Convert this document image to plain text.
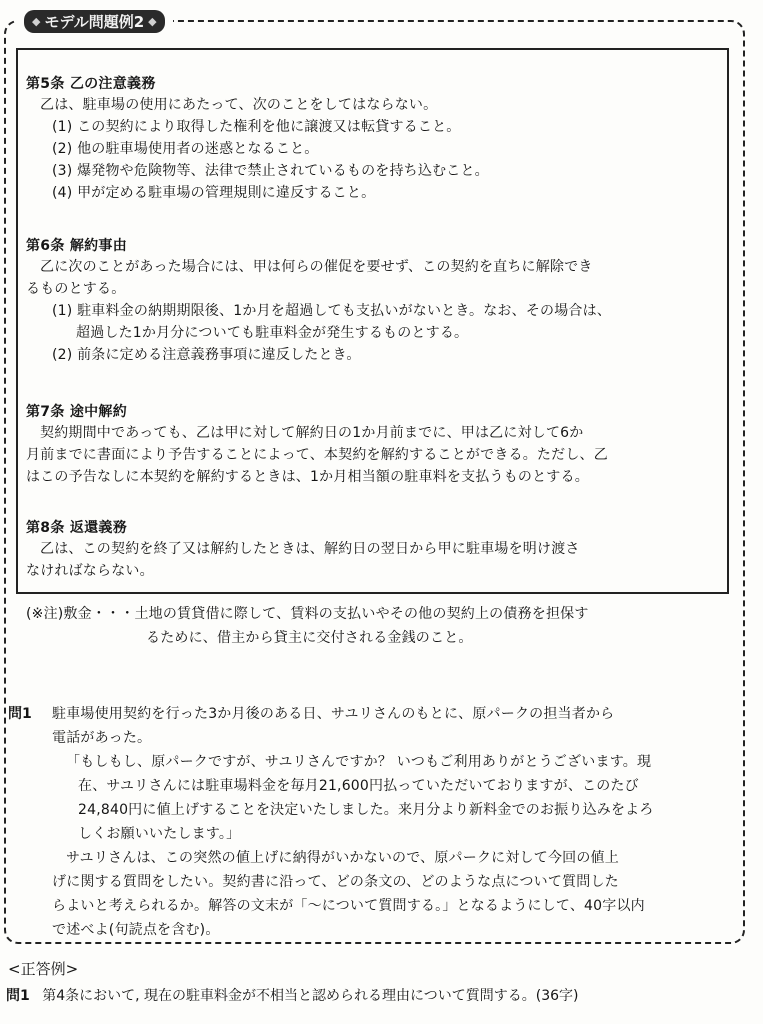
◆ モデル問題例2 ◆
第5条 乙の注意義務
乙は、駐車場の使用にあたって、次のことをしてはならない。
(1) この契約により取得した権利を他に譲渡又は転貸すること。
(2) 他の駐車場使用者の迷惑となること。
(3) 爆発物や危険物等、法律で禁止されているものを持ち込むこと。
(4) 甲が定める駐車場の管理規則に違反すること。
第6条 解約事由
乙に次のことがあった場合には、甲は何らの催促を要せず、この契約を直ちに解除でき
るものとする。
(1) 駐車料金の納期期限後、1か月を超過しても支払いがないとき。なお、その場合は、
超過した1か月分についても駐車料金が発生するものとする。
(2) 前条に定める注意義務事項に違反したとき。
第7条 途中解約
契約期間中であっても、乙は甲に対して解約日の1か月前までに、甲は乙に対して6か
月前までに書面により予告することによって、本契約を解約することができる。ただし、乙
はこの予告なしに本契約を解約するときは、1か月相当額の駐車料を支払うものとする。
第8条 返還義務
乙は、この契約を終了又は解約したときは、解約日の翌日から甲に駐車場を明け渡さ
なければならない。
(※注)敷金・・・土地の賃貸借に際して、賃料の支払いやその他の契約上の債務を担保す
るために、借主から貸主に交付される金銭のこと。
問1	駐車場使用契約を行った3か月後のある日、サユリさんのもとに、原パークの担当者から
電話があった。
「もしもし、原パークですが、サユリさんですか？ いつもご利用ありがとうございます。現
在、サユリさんには駐車場料金を毎月21,600円払っていただいておりますが、このたび
24,840円に値上げすることを決定いたしました。来月分より新料金でのお振り込みをよろ
しくお願いいたします。」
サユリさんは、この突然の値上げに納得がいかないので、原パークに対して今回の値上
げに関する質問をしたい。契約書に沿って、どの条文の、どのような点について質問した
らよいと考えられるか。解答の文末が「〜について質問する。」となるようにして、40字以内
で述べよ(句読点を含む)。
<正答例>
問1 第4条において, 現在の駐車料金が不相当と認められる理由について質問する。(36字)
